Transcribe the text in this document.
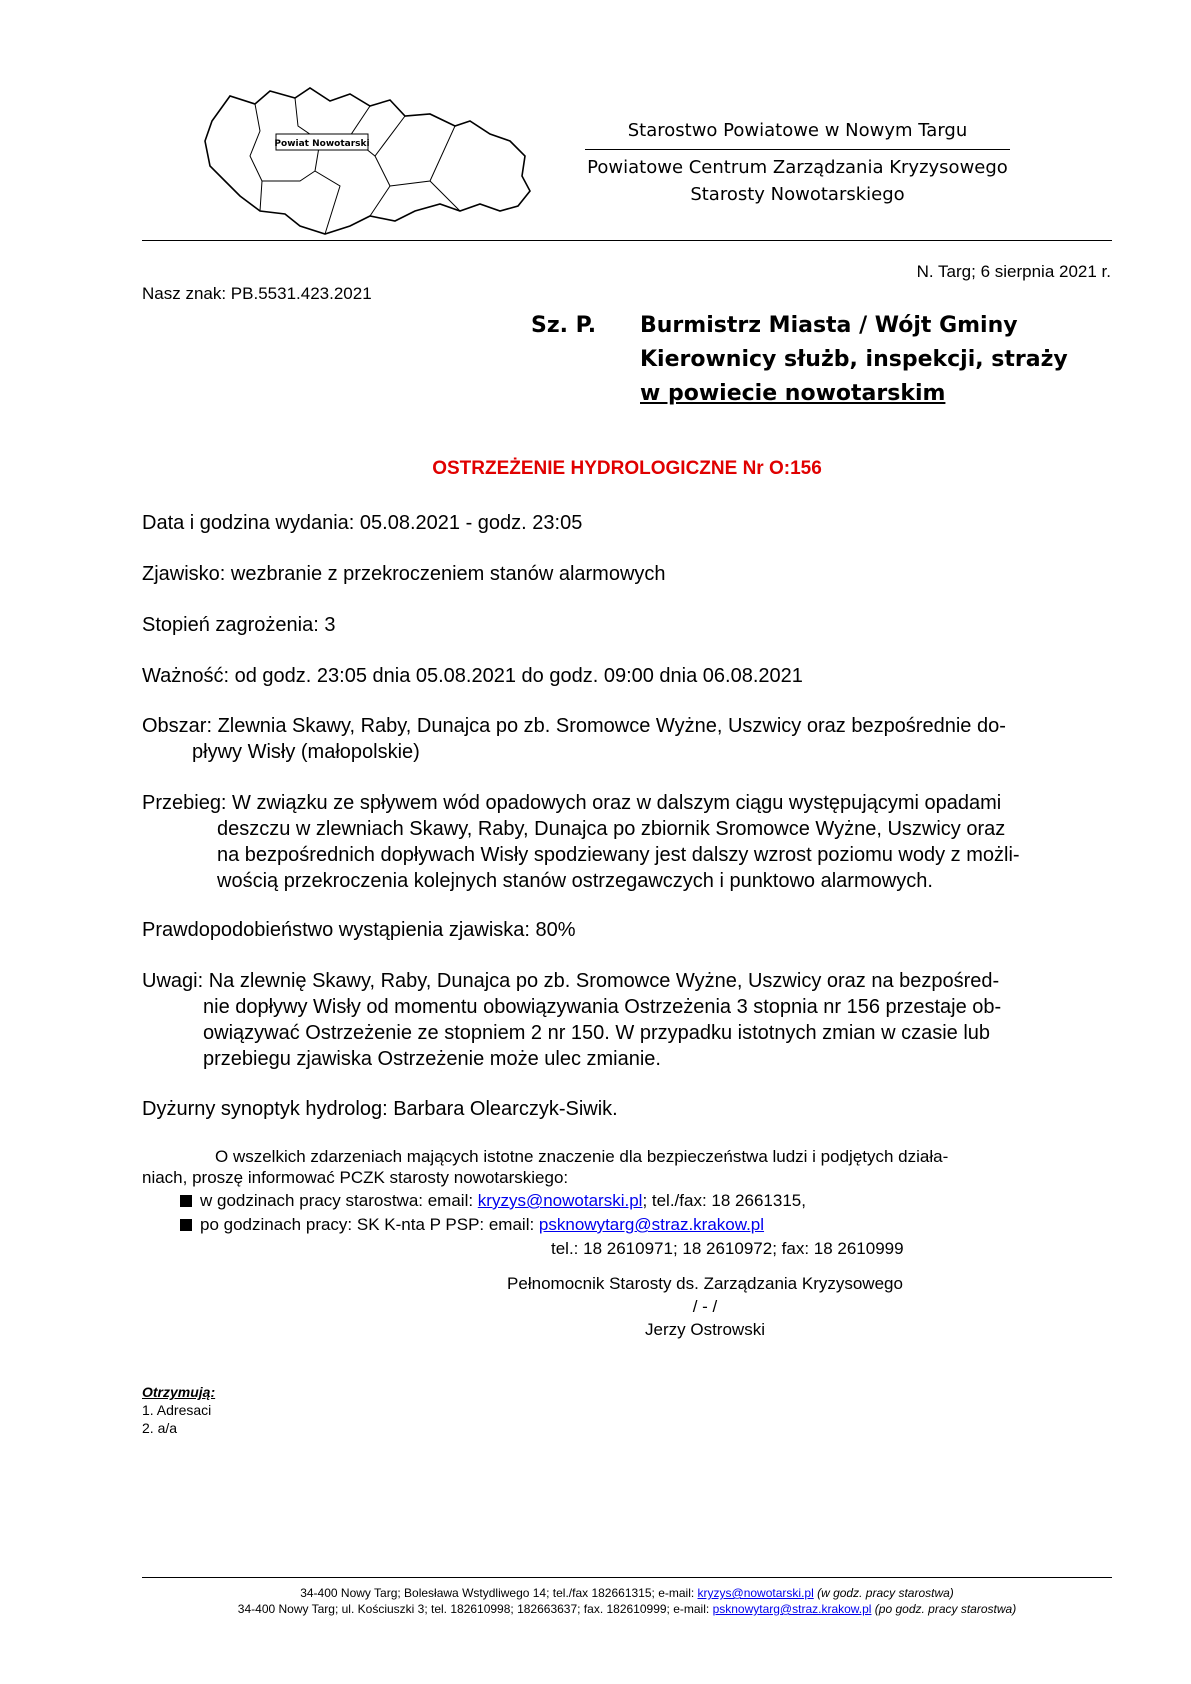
Powiat Nowotarski
Starostwo Powiatowe w Nowym Targu
Powiatowe Centrum Zarządzania Kryzysowego
Starosty Nowotarskiego
N. Targ; 6 sierpnia 2021 r.
Nasz znak: PB.5531.423.2021
Sz. P. Burmistrz Miasta / Wójt Gminy
Kierownicy służb, inspekcji, straży
w powiecie nowotarskim
OSTRZEŻENIE HYDROLOGICZNE Nr O:156
Data i godzina wydania: 05.08.2021 - godz. 23:05
Zjawisko: wezbranie z przekroczeniem stanów alarmowych
Stopień zagrożenia: 3
Ważność: od godz. 23:05 dnia 05.08.2021 do godz. 09:00 dnia 06.08.2021
Obszar: Zlewnia Skawy, Raby, Dunajca po zb. Sromowce Wyżne, Uszwicy oraz bezpośrednie do-
pływy Wisły (małopolskie)
Przebieg: W związku ze spływem wód opadowych oraz w dalszym ciągu występującymi opadami
deszczu w zlewniach Skawy, Raby, Dunajca po zbiornik Sromowce Wyżne, Uszwicy oraz
na bezpośrednich dopływach Wisły spodziewany jest dalszy wzrost poziomu wody z możli-
wością przekroczenia kolejnych stanów ostrzegawczych i punktowo alarmowych.
Prawdopodobieństwo wystąpienia zjawiska: 80%
Uwagi: Na zlewnię Skawy, Raby, Dunajca po zb. Sromowce Wyżne, Uszwicy oraz na bezpośred-
nie dopływy Wisły od momentu obowiązywania Ostrzeżenia 3 stopnia nr 156 przestaje ob-
owiązywać Ostrzeżenie ze stopniem 2 nr 150. W przypadku istotnych zmian w czasie lub
przebiegu zjawiska Ostrzeżenie może ulec zmianie.
Dyżurny synoptyk hydrolog: Barbara Olearczyk-Siwik.
O wszelkich zdarzeniach mających istotne znaczenie dla bezpieczeństwa ludzi i podjętych działa-
niach, proszę informować PCZK starosty nowotarskiego:
w godzinach pracy starostwa: email: kryzys@nowotarski.pl; tel./fax: 18 2661315,
po godzinach pracy: SK K-nta P PSP: email: psknowytarg@straz.krakow.pl
tel.: 18 2610971; 18 2610972; fax: 18 2610999
Pełnomocnik Starosty ds. Zarządzania Kryzysowego
/ - /
Jerzy Ostrowski
Otrzymują:
1. Adresaci
2. a/a
34-400 Nowy Targ; Bolesława Wstydliwego 14; tel./fax 182661315; e-mail: kryzys@nowotarski.pl (w godz. pracy starostwa)
34-400 Nowy Targ; ul. Kościuszki 3; tel. 182610998; 182663637; fax. 182610999; e-mail: psknowytarg@straz.krakow.pl (po godz. pracy starostwa)
